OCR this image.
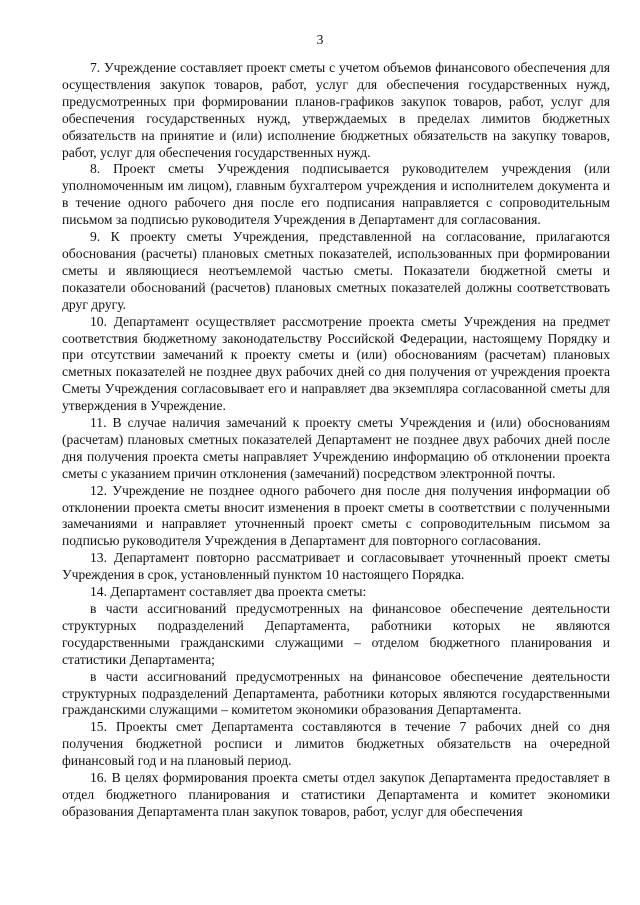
3

7. Учреждение составляет проект сметы с учетом объемов финансового обеспечения для осуществления закупок товаров, работ, услуг для обеспечения государственных нужд, предусмотренных при формировании планов-графиков закупок товаров, работ, услуг для обеспечения государственных нужд, утверждаемых в пределах лимитов бюджетных обязательств на принятие и (или) исполнение бюджетных обязательств на закупку товаров, работ, услуг для обеспечения государственных нужд.

8. Проект сметы Учреждения подписывается руководителем учреждения (или уполномоченным им лицом), главным бухгалтером учреждения и исполнителем документа и в течение одного рабочего дня после его подписания направляется с сопроводительным письмом за подписью руководителя Учреждения в Департамент для согласования.

9. К проекту сметы Учреждения, представленной на согласование, прилагаются обоснования (расчеты) плановых сметных показателей, использованных при формировании сметы и являющиеся неотъемлемой частью сметы. Показатели бюджетной сметы и показатели обоснований (расчетов) плановых сметных показателей должны соответствовать друг другу.

10. Департамент осуществляет рассмотрение проекта сметы Учреждения на предмет соответствия бюджетному законодательству Российской Федерации, настоящему Порядку и при отсутствии замечаний к проекту сметы и (или) обоснованиям (расчетам) плановых сметных показателей не позднее двух рабочих дней со дня получения от учреждения проекта Сметы Учреждения согласовывает его и направляет два экземпляра согласованной сметы для утверждения в Учреждение.

11. В случае наличия замечаний к проекту сметы Учреждения и (или) обоснованиям (расчетам) плановых сметных показателей Департамент не позднее двух рабочих дней после дня получения проекта сметы направляет Учреждению информацию об отклонении проекта сметы с указанием причин отклонения (замечаний) посредством электронной почты.

12. Учреждение не позднее одного рабочего дня после дня получения информации об отклонении проекта сметы вносит изменения в проект сметы в соответствии с полученными замечаниями и направляет уточненный проект сметы с сопроводительным письмом за подписью руководителя Учреждения в Департамент для повторного согласования.

13. Департамент повторно рассматривает и согласовывает уточненный проект сметы Учреждения в срок, установленный пунктом 10 настоящего Порядка.

14. Департамент составляет два проекта сметы:

в части ассигнований предусмотренных на финансовое обеспечение деятельности структурных подразделений Департамента, работники которых не являются государственными гражданскими служащими – отделом бюджетного планирования и статистики Департамента;

в части ассигнований предусмотренных на финансовое обеспечение деятельности структурных подразделений Департамента, работники которых являются государственными гражданскими служащими – комитетом экономики образования Департамента.

15. Проекты смет Департамента составляются в течение 7 рабочих дней со дня получения бюджетной росписи и лимитов бюджетных обязательств на очередной финансовый год и на плановый период.

16. В целях формирования проекта сметы отдел закупок Департамента предоставляет в отдел бюджетного планирования и статистики Департамента и комитет экономики образования Департамента план закупок товаров, работ, услуг для обеспечения
